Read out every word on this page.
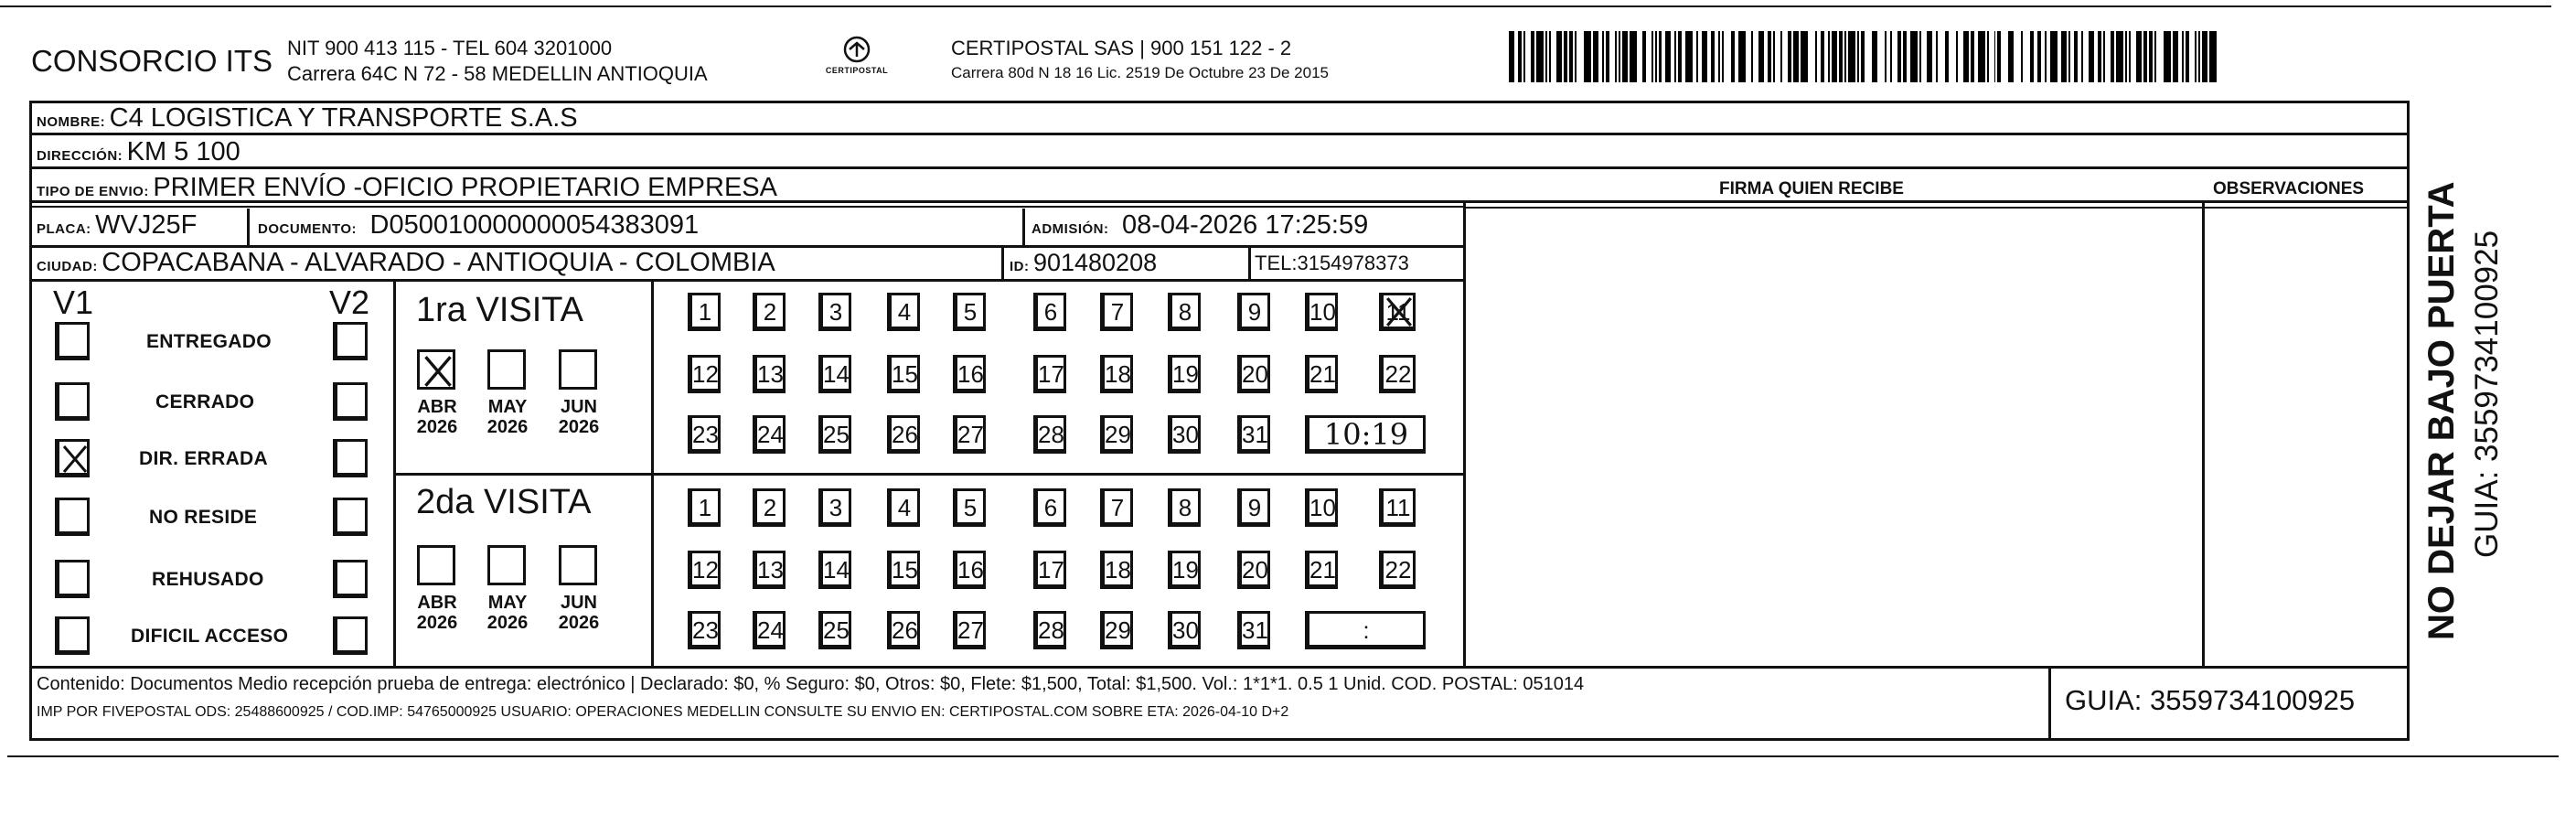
CONSORCIO ITS NIT 900 413 115 - TEL 604 3201000
Carrera 64C N 72 - 58 MEDELLIN ANTIOQUIA	CERTIPOSTAL
CERTIPOSTAL SAS | 900 151 122 - 2
Carrera 80d N 18 16 Lic. 2519 De Octubre 23 De 2015
NOMBRE: C4 LOGISTICA Y TRANSPORTE S.A.S
DIRECCIÓN: KM 5 100
TIPO DE ENVIO: PRIMER ENVÍO -OFICIO PROPIETARIO EMPRESA	FIRMA QUIEN RECIBE	OBSERVACIONES
PLACA: WVJ25F	DOCUMENTO: D050010000000054383091	ADMISIÓN: 08-04-2026 17:25:59
CIUDAD: COPACABANA - ALVARADO - ANTIOQUIA - COLOMBIA	ID: 901480208	TEL:3154978373
V1	V2
ENTREGADO
CERRADO
DIR. ERRADA
NO RESIDE
REHUSADO
DIFICIL ACCESO
1ra VISITA
2da VISITA
ABR
2026
MAY
2026
JUN
2026
1	2	3	4	5	6	7	8	9	10 11
12 13 14 15 16 17 18 19 20 21 22
23 24 25 26 27 28 29 30 31	10:19
ABR
2026
MAY
2026
JUN
2026
1	2	3	4	5	6	7	8	9	10 11
12 13 14 15 16 17 18 19 20 21 22
23 24 25 26 27 28 29 30 31	:
Contenido: Documentos Medio recepción prueba de entrega: electrónico | Declarado: $0, % Seguro: $0, Otros: $0, Flete: $1,500, Total: $1,500. Vol.: 1*1*1. 0.5 1 Unid. COD. POSTAL: 051014
IMP POR FIVEPOSTAL ODS: 25488600925 / COD.IMP: 54765000925 USUARIO: OPERACIONES MEDELLIN CONSULTE SU ENVIO EN: CERTIPOSTAL.COM SOBRE ETA: 2026-04-10 D+2	GUIA: 3559734100925
NO DEJAR BAJO PUERTA GUIA: 3559734100925
